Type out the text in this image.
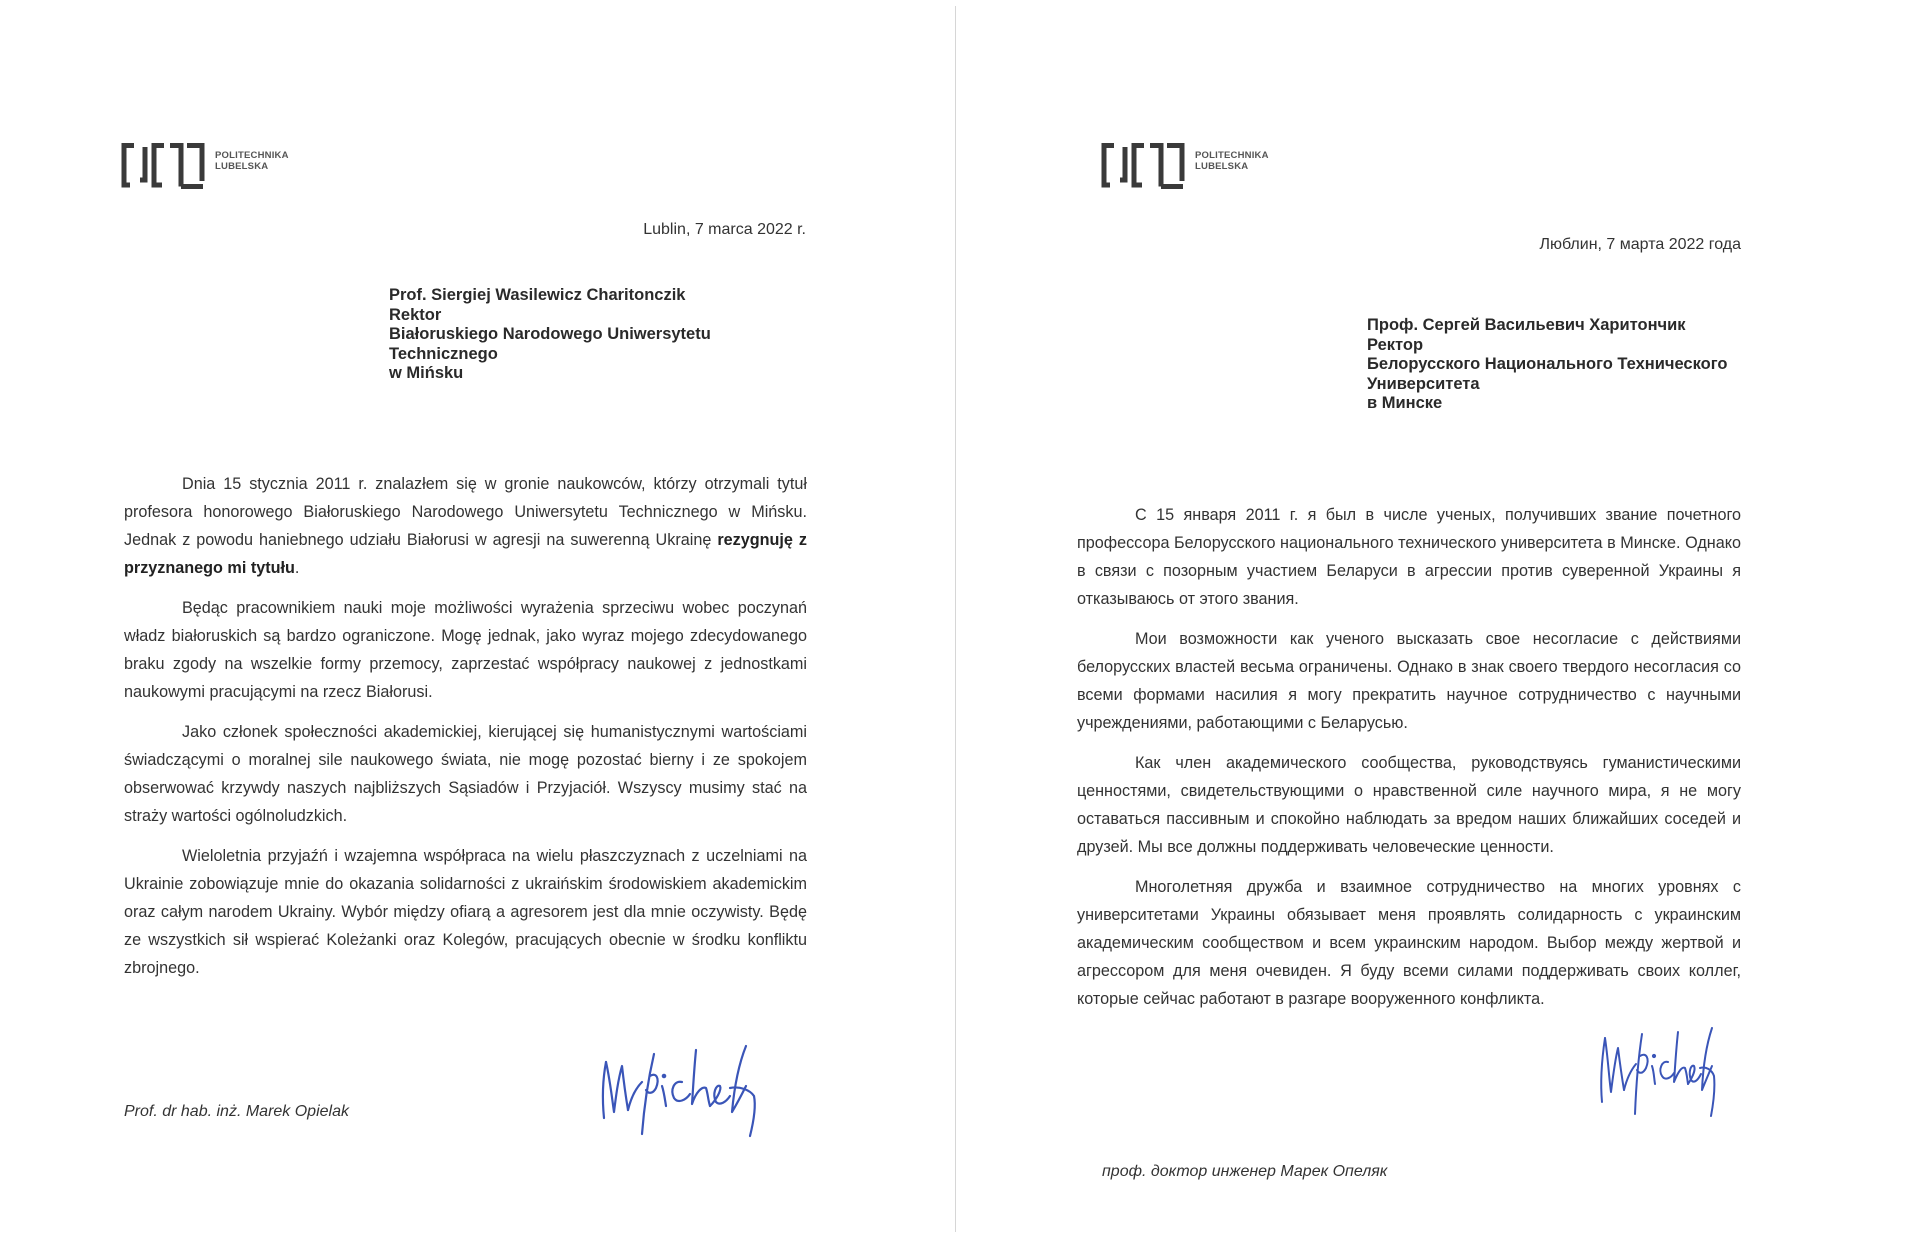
POLITECHNIKA
LUBELSKA
Lublin, 7 marca 2022 r.
Prof. Siergiej Wasilewicz Charitonczik
Rektor
Białoruskiego Narodowego Uniwersytetu
Technicznego
w Mińsku

Dnia 15 stycznia 2011 r. znalazłem się w gronie naukowców, którzy otrzymali tytuł profesora honorowego Białoruskiego Narodowego Uniwersytetu Technicznego w Mińsku. Jednak z powodu haniebnego udziału Białorusi w agresji na suwerenną Ukrainę rezygnuję z przyznanego mi tytułu.

Będąc pracownikiem nauki moje możliwości wyrażenia sprzeciwu wobec poczynań władz białoruskich są bardzo ograniczone. Mogę jednak, jako wyraz mojego zdecydowanego braku zgody na wszelkie formy przemocy, zaprzestać współpracy naukowej z jednostkami naukowymi pracującymi na rzecz Białorusi.

Jako członek społeczności akademickiej, kierującej się humanistycznymi wartościami świadczącymi o moralnej sile naukowego świata, nie mogę pozostać bierny i ze spokojem obserwować krzywdy naszych najbliższych Sąsiadów i Przyjaciół. Wszyscy musimy stać na straży wartości ogólnoludzkich.

Wieloletnia przyjaźń i wzajemna współpraca na wielu płaszczyznach z uczelniami na Ukrainie zobowiązuje mnie do okazania solidarności z ukraińskim środowiskiem akademickim oraz całym narodem Ukrainy. Wybór między ofiarą a agresorem jest dla mnie oczywisty. Będę ze wszystkich sił wspierać Koleżanki oraz Kolegów, pracujących obecnie w środku konfliktu zbrojnego.

Prof. dr hab. inż. Marek Opielak
POLITECHNIKA
LUBELSKA
Люблин, 7 марта 2022 года
Проф. Сергей Васильевич Харитончик
Ректор
Белорусского Национального Технического
Университета
в Минске

С 15 января 2011 г. я был в числе ученых, получивших звание почетного профессора Белорусского национального технического университета в Минске. Однако в связи с позорным участием Беларуси в агрессии против суверенной Украины я отказываюсь от этого звания.

Мои возможности как ученого высказать свое несогласие с действиями белорусских властей весьма ограничены. Однако в знак своего твердого несогласия со всеми формами насилия я могу прекратить научное сотрудничество с научными учреждениями, работающими с Беларусью.

Как член академического сообщества, руководствуясь гуманистическими ценностями, свидетельствующими о нравственной силе научного мира, я не могу оставаться пассивным и спокойно наблюдать за вредом наших ближайших соседей и друзей. Мы все должны поддерживать человеческие ценности.

Многолетняя дружба и взаимное сотрудничество на многих уровнях с университетами Украины обязывает меня проявлять солидарность с украинским академическим сообществом и всем украинским народом. Выбор между жертвой и агрессором для меня очевиден. Я буду всеми силами поддерживать своих коллег, которые сейчас работают в разгаре вооруженного конфликта.

проф. доктор инженер Марек Опеляк
